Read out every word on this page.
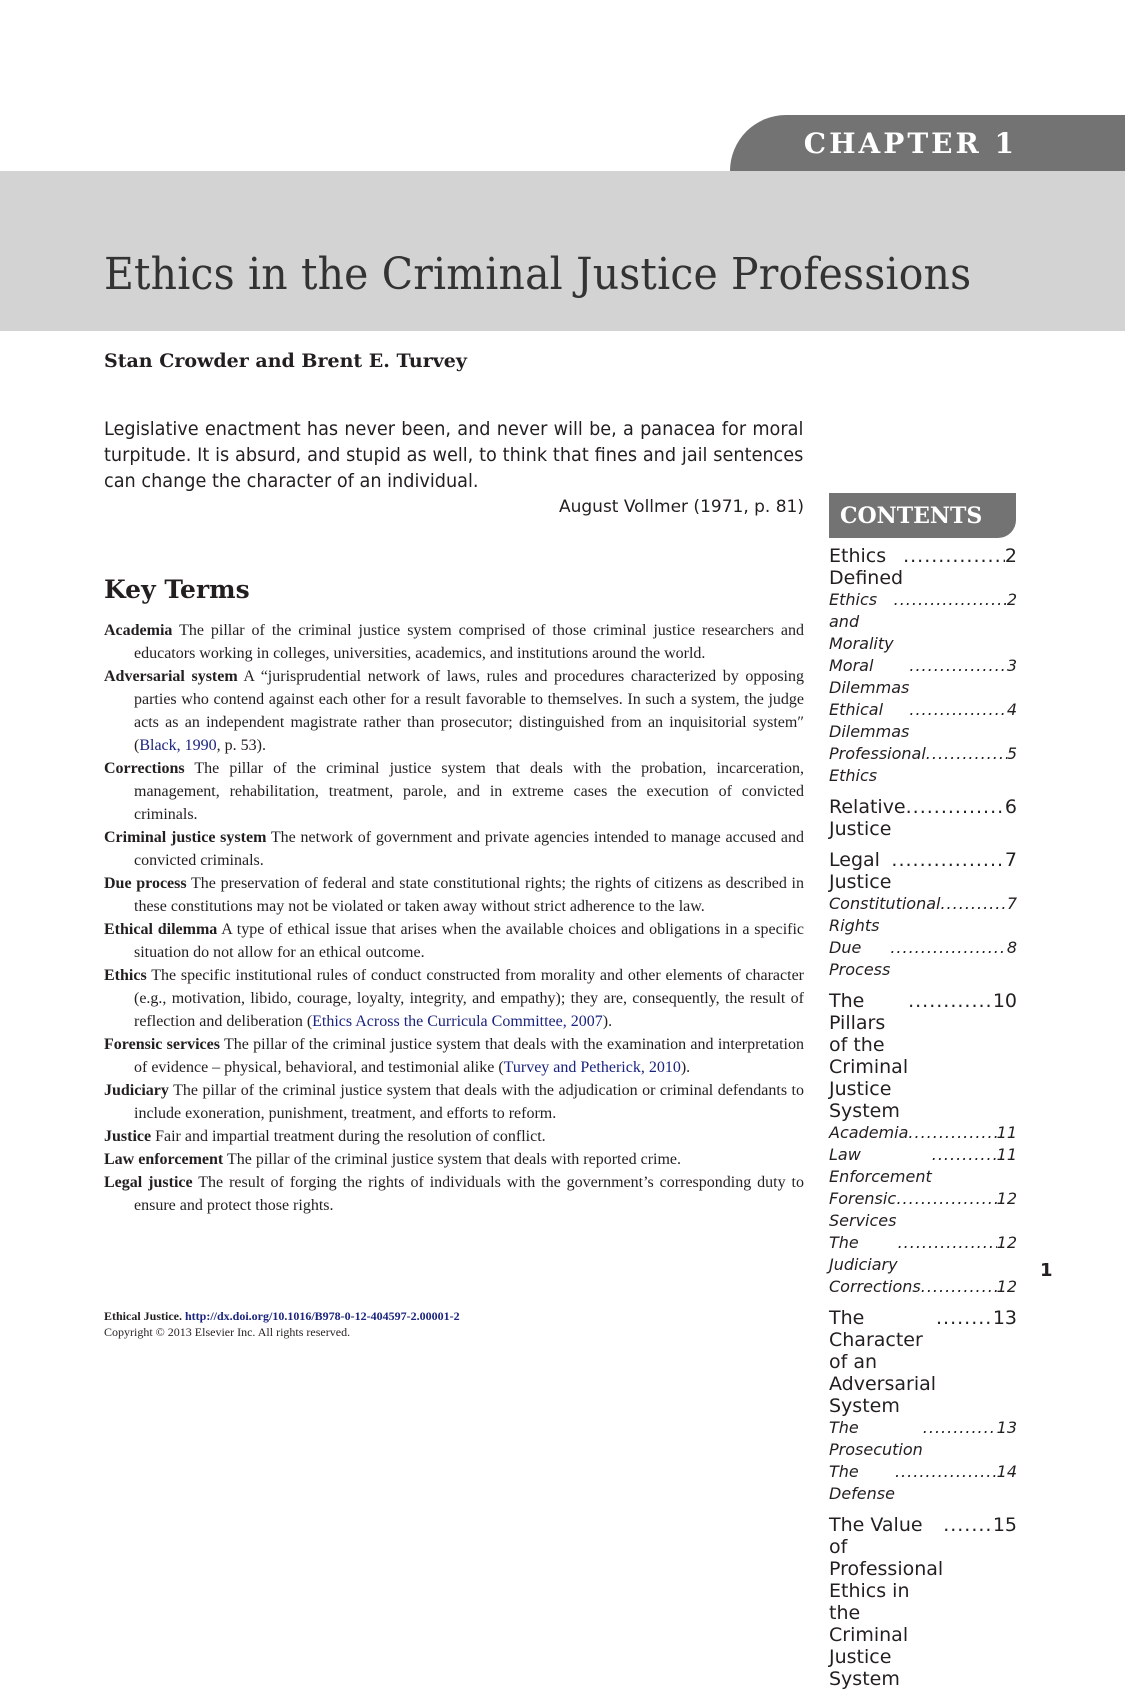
CHAPTER 1
Ethics in the Criminal Justice Professions
Stan Crowder and Brent E. Turvey
Legislative enactment has never been, and never will be, a panacea for moral turpitude. It is absurd, and stupid as well, to think that fines and jail sentences can change the character of an individual.
August Vollmer (1971, p. 81)
Key Terms
Academia The pillar of the criminal justice system comprised of those criminal justice researchers and educators working in colleges, universities, academics, and institutions around the world.
Adversarial system A “jurisprudential network of laws, rules and procedures characterized by opposing parties who contend against each other for a result favorable to themselves. In such a system, the judge acts as an independent magistrate rather than prosecutor; distinguished from an inquisitorial system″ (Black, 1990, p. 53).
Corrections The pillar of the criminal justice system that deals with the probation, incarceration, management, rehabilitation, treatment, parole, and in extreme cases the execution of convicted criminals.
Criminal justice system The network of government and private agencies intended to manage accused and convicted criminals.
Due process The preservation of federal and state constitutional rights; the rights of citizens as described in these constitutions may not be violated or taken away without strict adherence to the law.
Ethical dilemma A type of ethical issue that arises when the available choices and obligations in a specific situation do not allow for an ethical outcome.
Ethics The specific institutional rules of conduct constructed from morality and other elements of character (e.g., motivation, libido, courage, loyalty, integrity, and empathy); they are, consequently, the result of reflection and deliberation (Ethics Across the Curricula Committee, 2007).
Forensic services The pillar of the criminal justice system that deals with the examination and interpretation of evidence – physical, behavioral, and testimonial alike (Turvey and Petherick, 2010).
Judiciary The pillar of the criminal justice system that deals with the adjudication or criminal defendants to include exoneration, punishment, treatment, and efforts to reform.
Justice Fair and impartial treatment during the resolution of conflict.
Law enforcement The pillar of the criminal justice system that deals with reported crime.
Legal justice The result of forging the rights of individuals with the government’s corresponding duty to ensure and protect those rights.
CONTENTS
Ethics Defined
.....
2
Ethics and Morality
.....
2
Moral Dilemmas
.....
3
Ethical Dilemmas
.....
4
Professional Ethics
.....
5
Relative Justice
.....
6
Legal Justice
.....
7
Constitutional Rights
.....
7
Due Process
.....
8
The Pillars of the Criminal Justice System
.....
10
Academia .....	11
Law Enforcement
.....
11
Forensic Services
.....
12
The Judiciary
.....
12
Corrections .....	12
The Character of an Adversarial System
.....
13
The Prosecution
.....
13
The Defense
.....
14
The Value of Professional Ethics in the Criminal Justice System
.....
15
1
Ethical Justice. http://dx.doi.org/10.1016/B978-0-12-404597-2.00001-2
Copyright © 2013 Elsevier Inc. All rights reserved.
